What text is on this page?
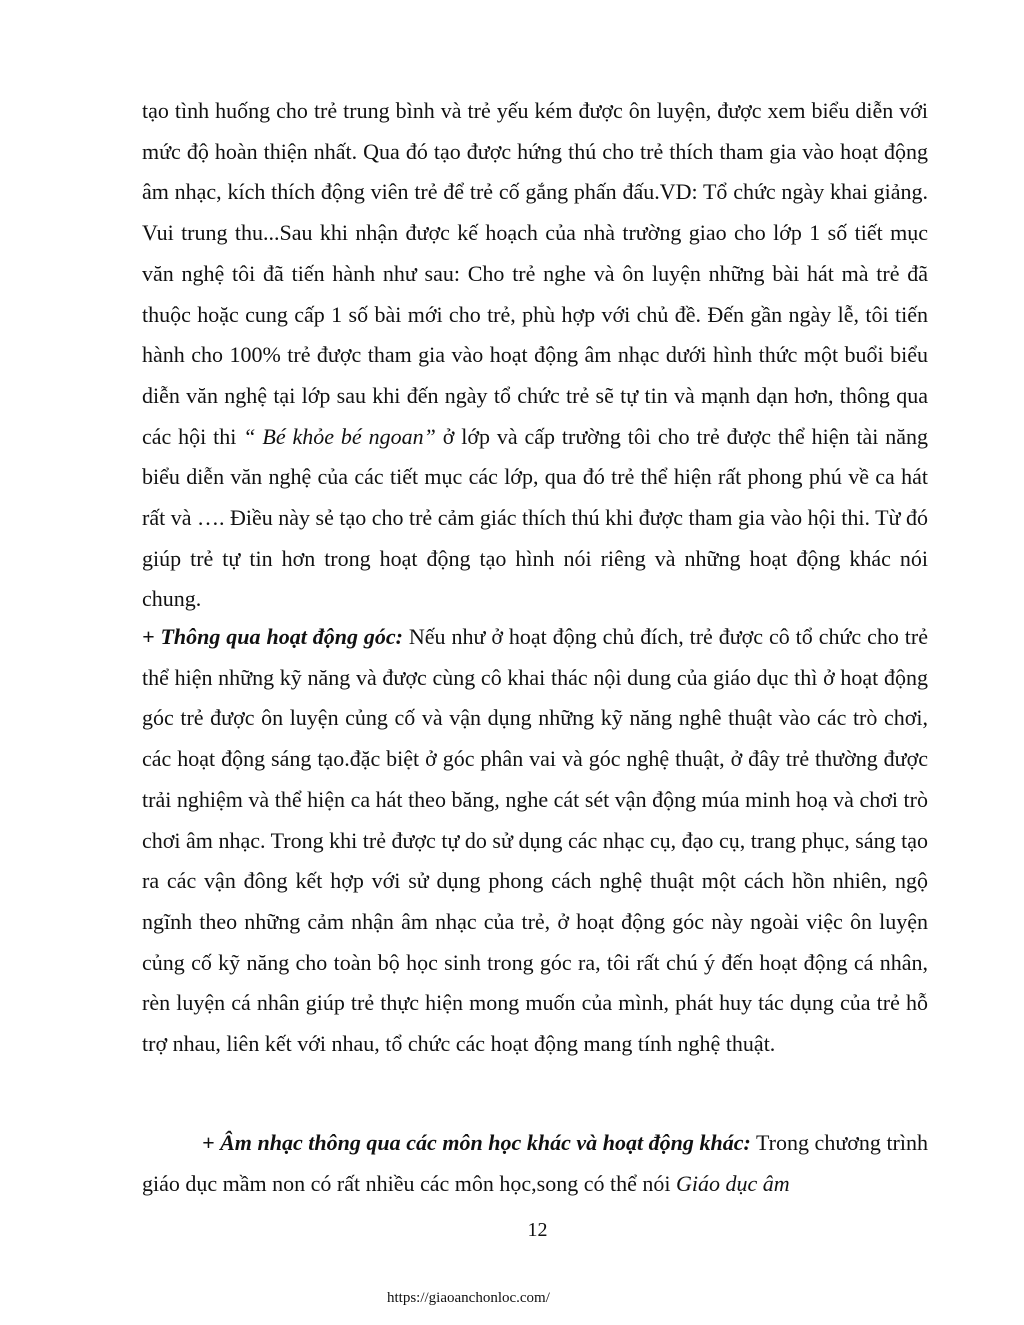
tạo tình huống cho trẻ trung bình và trẻ yếu kém được ôn luyện, được xem biểu diễn với mức độ hoàn thiện nhất. Qua đó tạo được hứng thú cho trẻ thích tham gia vào hoạt động âm nhạc, kích thích động viên trẻ để trẻ cố gắng phấn đấu.VD: Tổ chức ngày khai giảng. Vui trung thu...Sau khi nhận được kế hoạch của nhà trường giao cho lớp 1 số tiết mục văn nghệ tôi đã tiến hành như sau: Cho trẻ nghe và ôn luyện những bài hát mà trẻ đã thuộc hoặc cung cấp 1 số bài mới cho trẻ, phù hợp với chủ đề. Đến gần ngày lễ, tôi tiến hành cho 100% trẻ được tham gia vào hoạt động âm nhạc dưới hình thức một buổi biểu diễn văn nghệ tại lớp sau khi đến ngày tổ chức trẻ sẽ tự tin và mạnh dạn hơn, thông qua các hội thi “ Bé khỏe bé ngoan” ở lớp và cấp trường tôi cho trẻ được thể hiện tài năng biểu diễn văn nghệ của các tiết mục các lớp, qua đó trẻ thể hiện rất phong phú về ca hát rất và …. Điều này sẻ tạo cho trẻ cảm giác thích thú khi được tham gia vào hội thi. Từ đó giúp trẻ tự tin hơn trong hoạt động tạo hình nói riêng và những hoạt động khác nói chung.

+ Thông qua hoạt động góc: Nếu như ở hoạt động chủ đích, trẻ được cô tổ chức cho trẻ thể hiện những kỹ năng và được cùng cô khai thác nội dung của giáo dục thì ở hoạt động góc trẻ được ôn luyện củng cố và vận dụng những kỹ năng nghê thuật vào các trò chơi, các hoạt động sáng tạo.đặc biệt ở góc phân vai và góc nghệ thuật, ở đây trẻ thường được trải nghiệm và thể hiện ca hát theo băng, nghe cát sét vận động múa minh hoạ và chơi trò chơi âm nhạc. Trong khi trẻ được tự do sử dụng các nhạc cụ, đạo cụ, trang phục, sáng tạo ra các vận đông kết hợp với sử dụng phong cách nghệ thuật một cách hồn nhiên, ngộ ngĩnh theo những cảm nhận âm nhạc của trẻ, ở hoạt động góc này ngoài việc ôn luyện củng cố kỹ năng cho toàn bộ học sinh trong góc ra, tôi rất chú ý đến hoạt động cá nhân, rèn luyện cá nhân giúp trẻ thực hiện mong muốn của mình, phát huy tác dụng của trẻ hỗ trợ nhau, liên kết với nhau, tổ chức các hoạt động mang tính nghệ thuật.

+ Âm nhạc thông qua các môn học khác và hoạt động khác: Trong chương trình giáo dục mầm non có rất nhiều các môn học,song có thể nói Giáo dục âm

12
https://giaoanchonloc.com/
